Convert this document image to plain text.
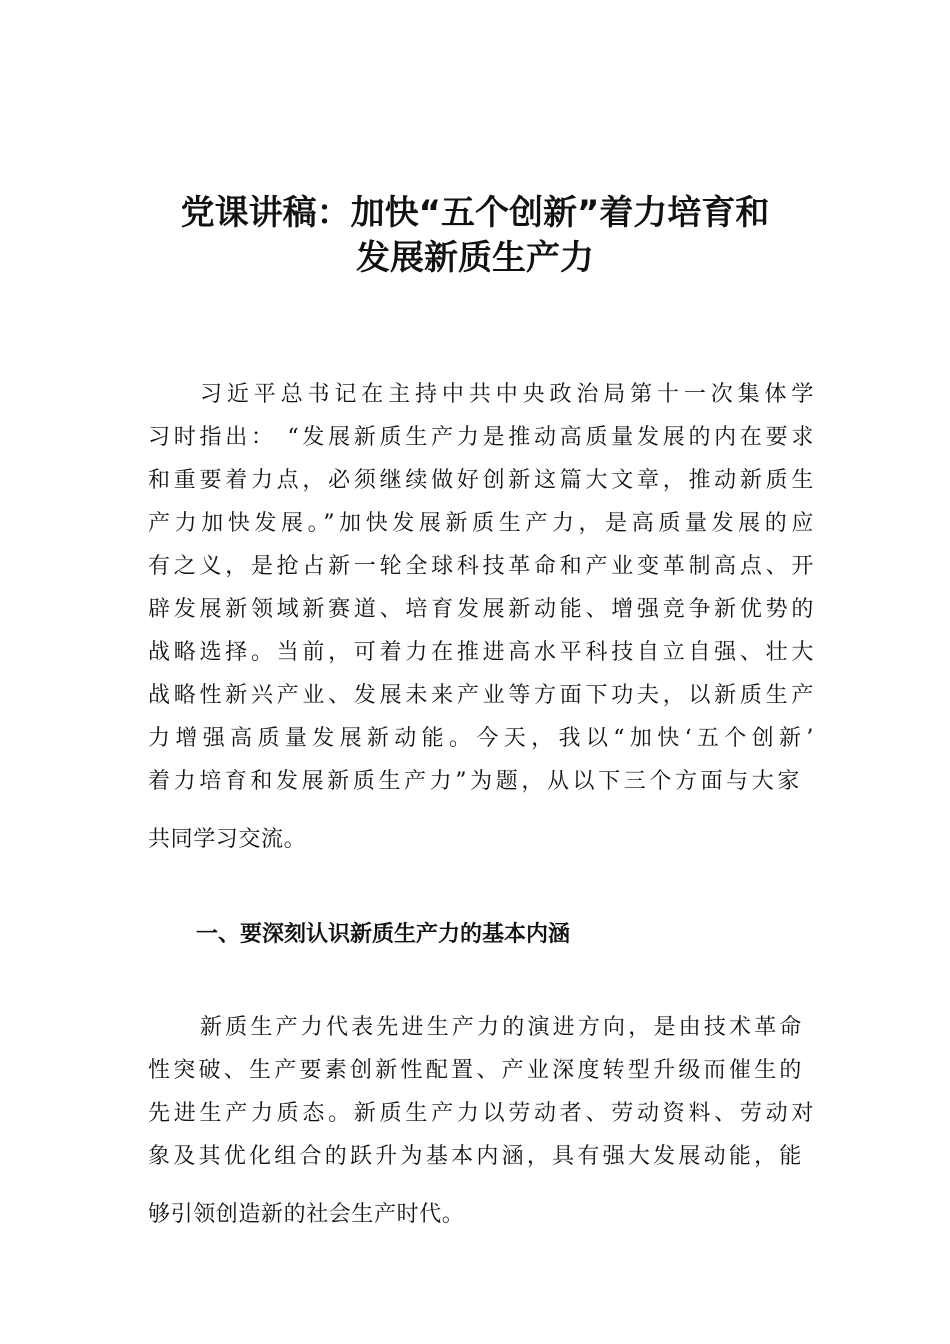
党课讲稿：加快“五个创新”着力培育和
发展新质生产力
习近平总书记在主持中共中央政治局第十一次集体学
习时指出： “发展新质生产力是推动高质量发展的内在要求
和重要着力点，必须继续做好创新这篇大文章，推动新质生
产力加快发展。”加快发展新质生产力，是高质量发展的应
有之义，是抢占新一轮全球科技革命和产业变革制高点、开
辟发展新领域新赛道、培育发展新动能、增强竞争新优势的
战略选择。当前，可着力在推进高水平科技自立自强、壮大
战略性新兴产业、发展未来产业等方面下功夫，以新质生产
力增强高质量发展新动能。今天，我以“加快‘五个创新’
着力培育和发展新质生产力”为题，从以下三个方面与大家
共同学习交流。
一、要深刻认识新质生产力的基本内涵
新质生产力代表先进生产力的演进方向，是由技术革命
性突破、生产要素创新性配置、产业深度转型升级而催生的
先进生产力质态。新质生产力以劳动者、劳动资料、劳动对
象及其优化组合的跃升为基本内涵，具有强大发展动能，能
够引领创造新的社会生产时代。
